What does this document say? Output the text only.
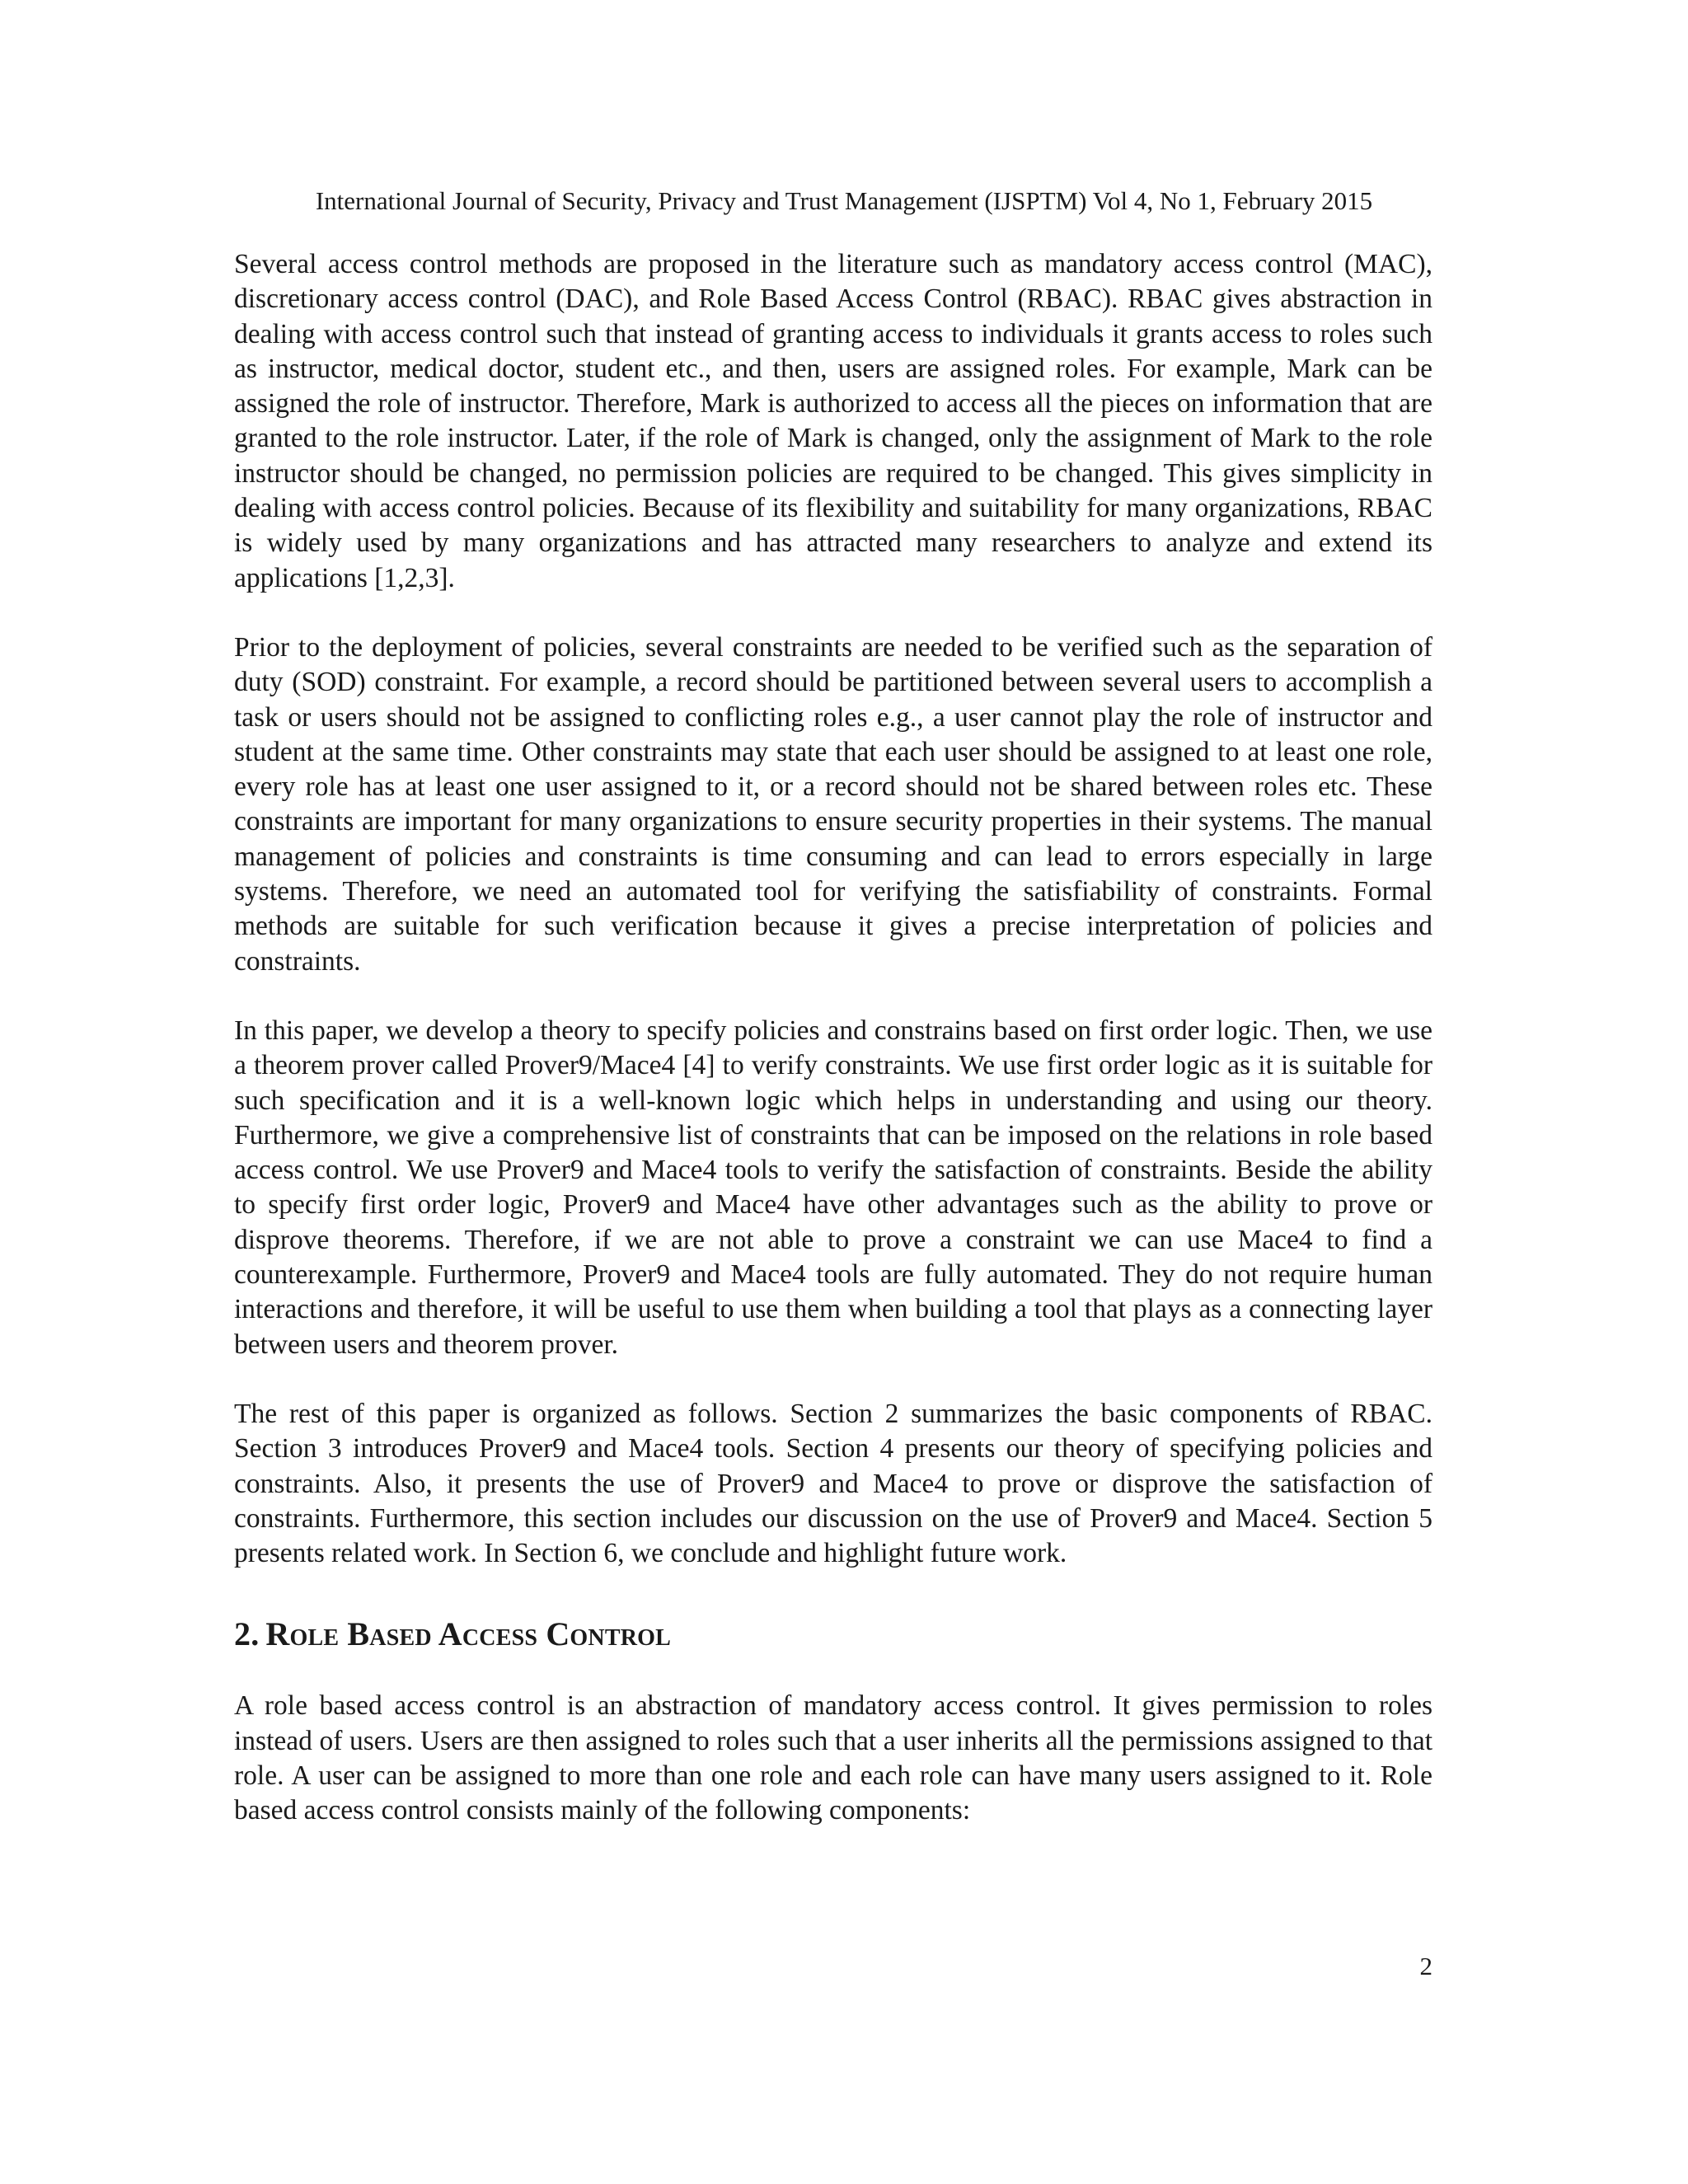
International Journal of Security, Privacy and Trust Management (IJSPTM) Vol 4, No 1, February 2015

Several access control methods are proposed in the literature such as mandatory access control (MAC), discretionary access control (DAC), and Role Based Access Control (RBAC). RBAC gives abstraction in dealing with access control such that instead of granting access to individuals it grants access to roles such as instructor, medical doctor, student etc., and then, users are assigned roles. For example, Mark can be assigned the role of instructor. Therefore, Mark is authorized to access all the pieces on information that are granted to the role instructor. Later, if the role of Mark is changed, only the assignment of Mark to the role instructor should be changed, no permission policies are required to be changed. This gives simplicity in dealing with access control policies. Because of its flexibility and suitability for many organizations, RBAC is widely used by many organizations and has attracted many researchers to analyze and extend its applications [1,2,3].

Prior to the deployment of policies, several constraints are needed to be verified such as the separation of duty (SOD) constraint. For example, a record should be partitioned between several users to accomplish a task or users should not be assigned to conflicting roles e.g., a user cannot play the role of instructor and student at the same time. Other constraints may state that each user should be assigned to at least one role, every role has at least one user assigned to it, or a record should not be shared between roles etc. These constraints are important for many organizations to ensure security properties in their systems. The manual management of policies and constraints is time consuming and can lead to errors especially in large systems. Therefore, we need an automated tool for verifying the satisfiability of constraints. Formal methods are suitable for such verification because it gives a precise interpretation of policies and constraints.

In this paper, we develop a theory to specify policies and constrains based on first order logic. Then, we use a theorem prover called Prover9/Mace4 [4] to verify constraints. We use first order logic as it is suitable for such specification and it is a well-known logic which helps in understanding and using our theory. Furthermore, we give a comprehensive list of constraints that can be imposed on the relations in role based access control. We use Prover9 and Mace4 tools to verify the satisfaction of constraints. Beside the ability to specify first order logic, Prover9 and Mace4 have other advantages such as the ability to prove or disprove theorems. Therefore, if we are not able to prove a constraint we can use Mace4 to find a counterexample. Furthermore, Prover9 and Mace4 tools are fully automated. They do not require human interactions and therefore, it will be useful to use them when building a tool that plays as a connecting layer between users and theorem prover.

The rest of this paper is organized as follows. Section 2 summarizes the basic components of RBAC. Section 3 introduces Prover9 and Mace4 tools. Section 4 presents our theory of specifying policies and constraints. Also, it presents the use of Prover9 and Mace4 to prove or disprove the satisfaction of constraints. Furthermore, this section includes our discussion on the use of Prover9 and Mace4. Section 5 presents related work. In Section 6, we conclude and highlight future work.

2. Role Based Access Control

A role based access control is an abstraction of mandatory access control. It gives permission to roles instead of users. Users are then assigned to roles such that a user inherits all the permissions assigned to that role. A user can be assigned to more than one role and each role can have many users assigned to it. Role based access control consists mainly of the following components:

2
